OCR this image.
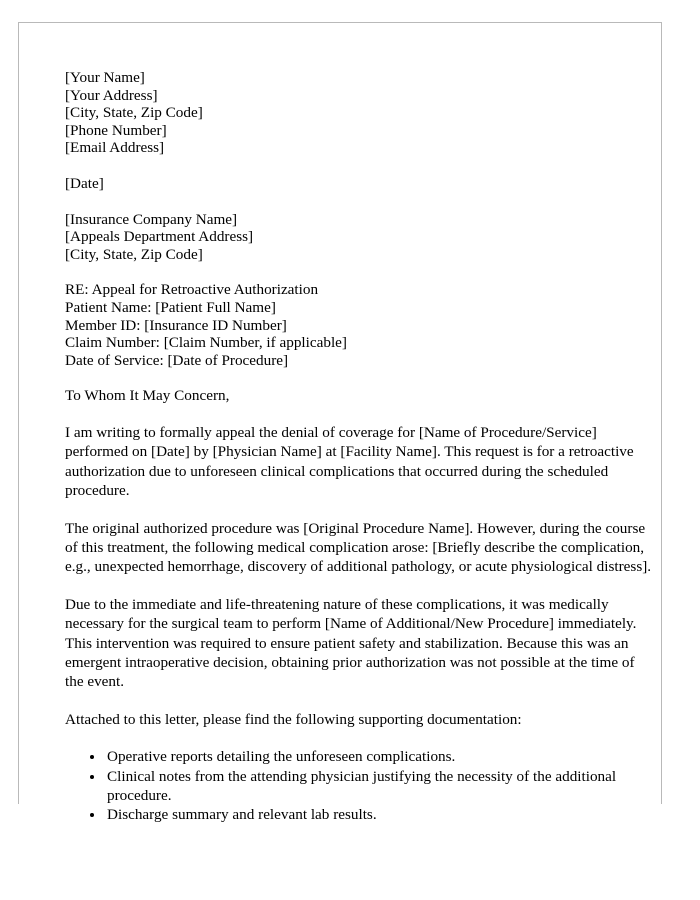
[Your Name]
[Your Address]
[City, State, Zip Code]
[Phone Number]
[Email Address]
[Date]
[Insurance Company Name]
[Appeals Department Address]
[City, State, Zip Code]
RE: Appeal for Retroactive Authorization
Patient Name: [Patient Full Name]
Member ID: [Insurance ID Number]
Claim Number: [Claim Number, if applicable]
Date of Service: [Date of Procedure]
To Whom It May Concern,

I am writing to formally appeal the denial of coverage for [Name of Procedure/Service] performed on [Date] by [Physician Name] at [Facility Name]. This request is for a retroactive authorization due to unforeseen clinical complications that occurred during the scheduled procedure.

The original authorized procedure was [Original Procedure Name]. However, during the course of this treatment, the following medical complication arose: [Briefly describe the complication, e.g., unexpected hemorrhage, discovery of additional pathology, or acute physiological distress].

Due to the immediate and life-threatening nature of these complications, it was medically necessary for the surgical team to perform [Name of Additional/New Procedure] immediately. This intervention was required to ensure patient safety and stabilization. Because this was an emergent intraoperative decision, obtaining prior authorization was not possible at the time of the event.

Attached to this letter, please find the following supporting documentation:

• Operative reports detailing the unforeseen complications.
• Clinical notes from the attending physician justifying the necessity of the additional procedure.
• Discharge summary and relevant lab results.
